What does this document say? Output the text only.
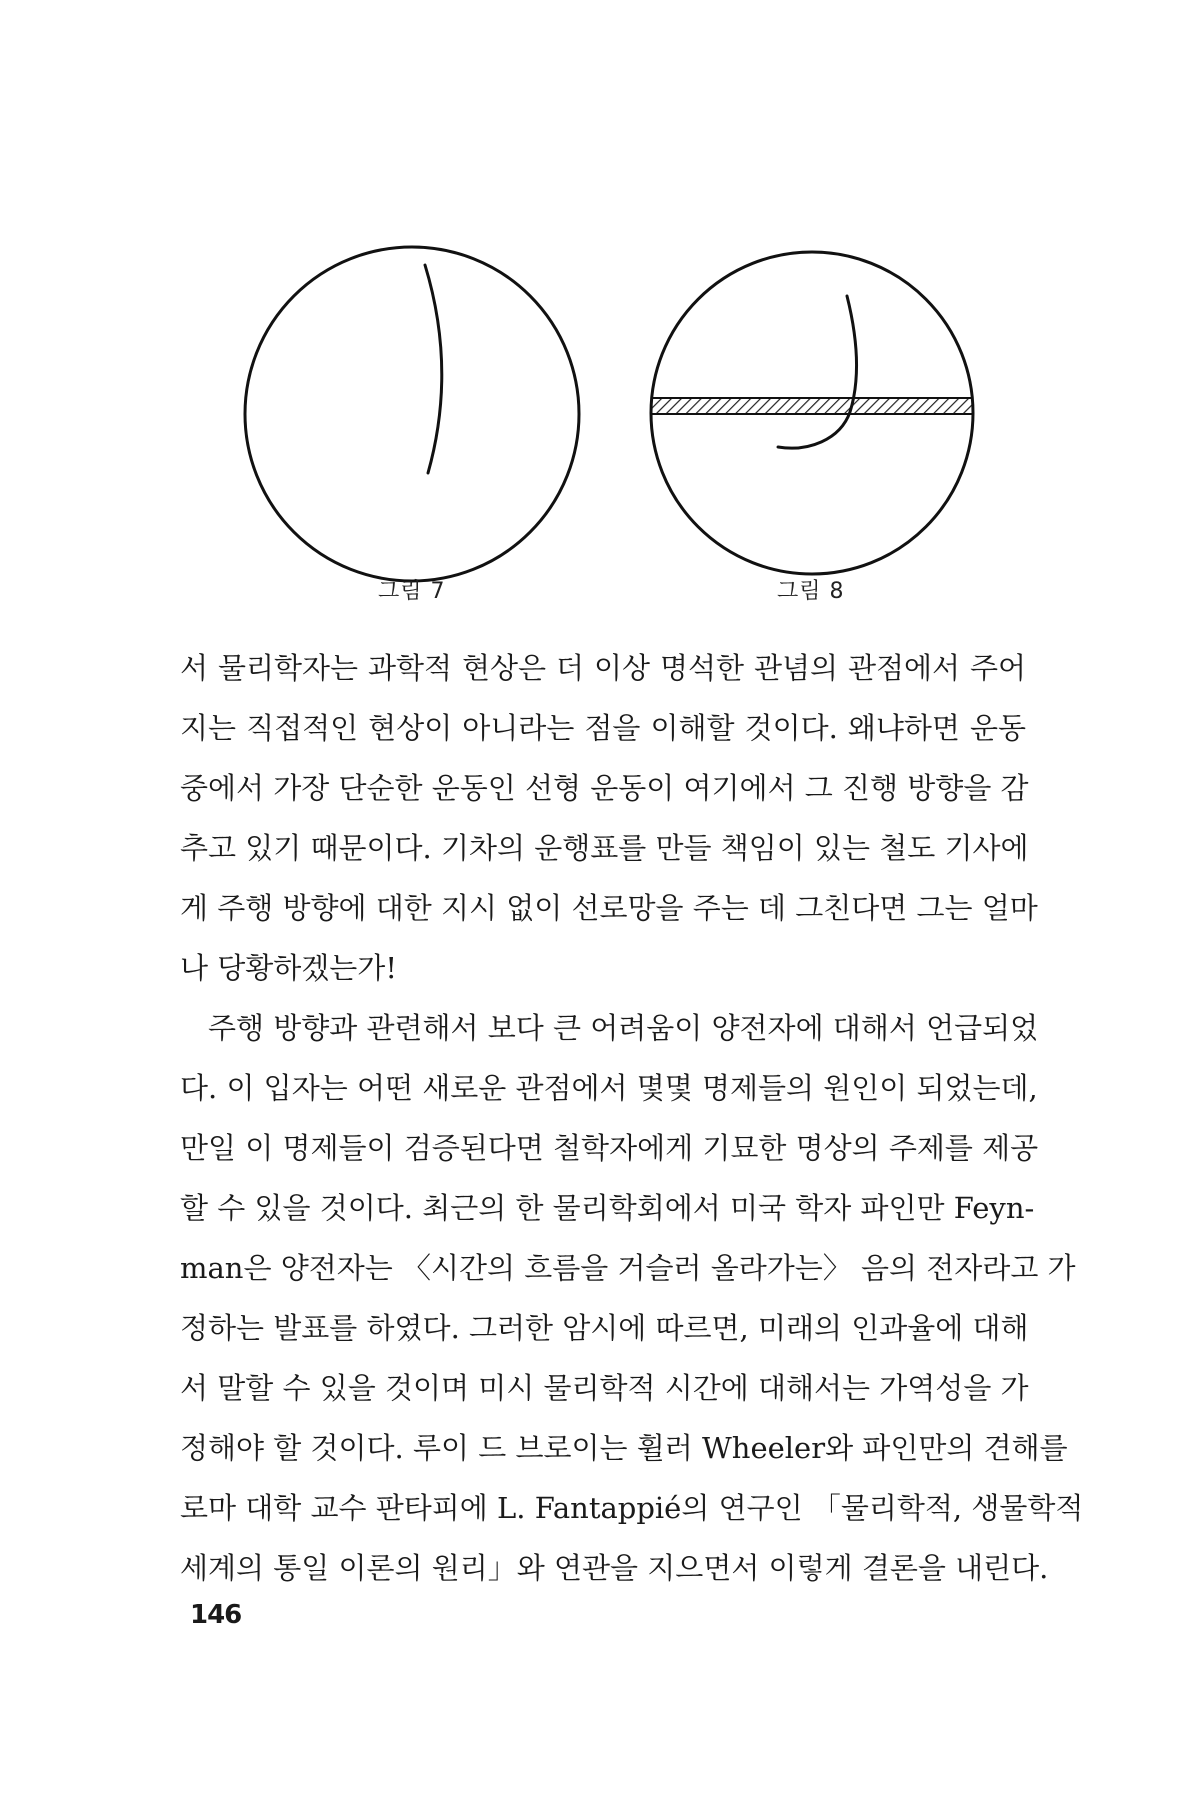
그림 7	그림 8
서 물리학자는 과학적 현상은 더 이상 명석한 관념의 관점에서 주어
지는 직접적인 현상이 아니라는 점을 이해할 것이다. 왜냐하면 운동
중에서 가장 단순한 운동인 선형 운동이 여기에서 그 진행 방향을 감
추고 있기 때문이다. 기차의 운행표를 만들 책임이 있는 철도 기사에
게 주행 방향에 대한 지시 없이 선로망을 주는 데 그친다면 그는 얼마
나 당황하겠는가!
주행 방향과 관련해서 보다 큰 어려움이 양전자에 대해서 언급되었
다. 이 입자는 어떤 새로운 관점에서 몇몇 명제들의 원인이 되었는데,
만일 이 명제들이 검증된다면 철학자에게 기묘한 명상의 주제를 제공
할 수 있을 것이다. 최근의 한 물리학회에서 미국 학자 파인만 Feyn-
man은 양전자는 〈시간의 흐름을 거슬러 올라가는〉 음의 전자라고 가
정하는 발표를 하였다. 그러한 암시에 따르면, 미래의 인과율에 대해
서 말할 수 있을 것이며 미시 물리학적 시간에 대해서는 가역성을 가
정해야 할 것이다. 루이 드 브로이는 휠러 Wheeler와 파인만의 견해를
로마 대학 교수 판타피에 L. Fantappié의 연구인 「물리학적, 생물학적
세계의 통일 이론의 원리」와 연관을 지으면서 이렇게 결론을 내린다.
146
